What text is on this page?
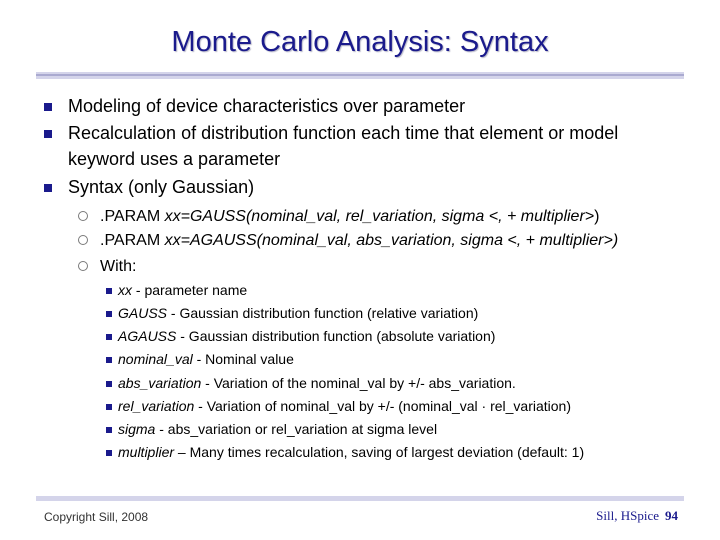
Monte Carlo Analysis: Syntax
Modeling of device characteristics over parameter
Recalculation of distribution function each time that element or model
keyword uses a parameter
Syntax (only Gaussian)
.PARAM xx=GAUSS(nominal_val, rel_variation, sigma <, + multiplier>)
.PARAM xx=AGAUSS(nominal_val, abs_variation, sigma <, + multiplier>)
With:
xx - parameter name
GAUSS - Gaussian distribution function (relative variation)
AGAUSS - Gaussian distribution function (absolute variation)
nominal_val - Nominal value
abs_variation - Variation of the nominal_val by +/- abs_variation.
rel_variation - Variation of nominal_val by +/- (nominal_val · rel_variation)
sigma - abs_variation or rel_variation at sigma level
multiplier – Many times recalculation, saving of largest deviation (default: 1)
Copyright Sill, 2008	Sill, HSpice 94
